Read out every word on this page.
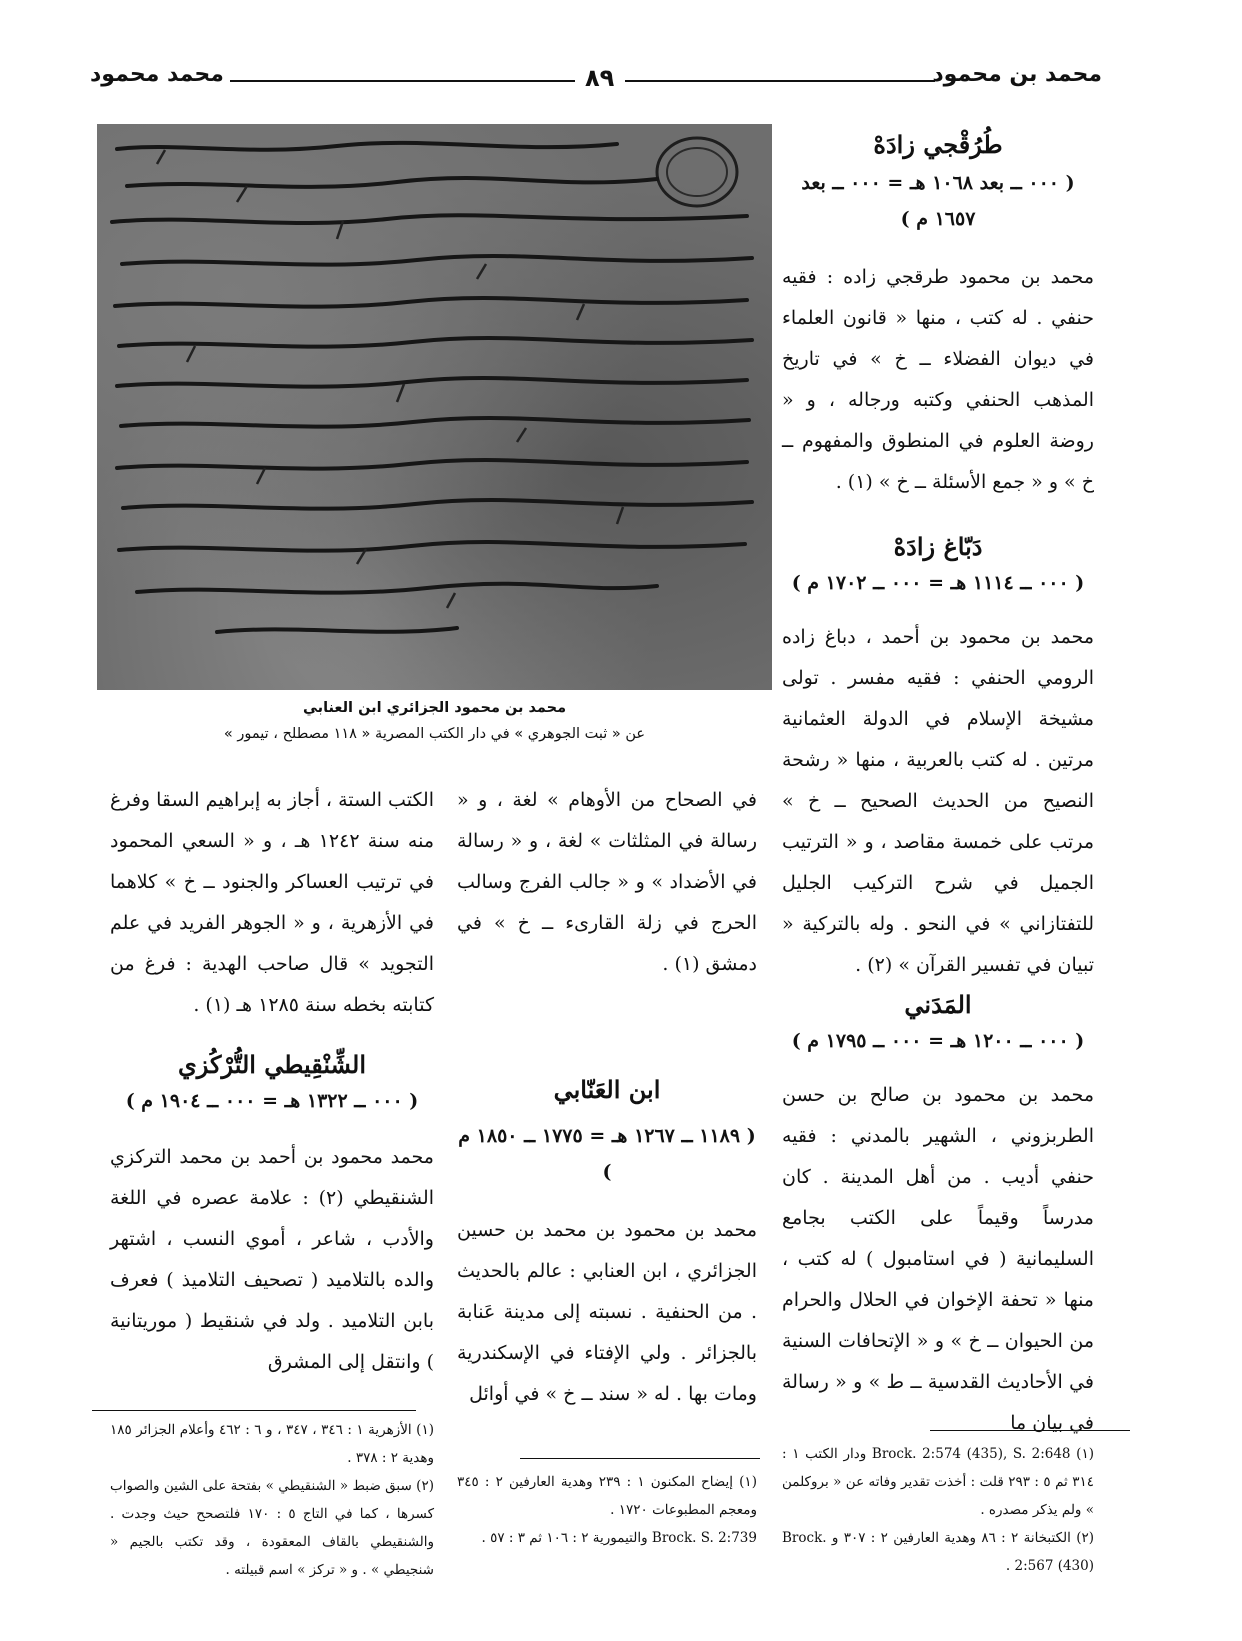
محمد بن محمود
٨٩
محمد محمود
محمد بن محمود الجزائري ابن العنابي
عن « ثبت الجوهري » في دار الكتب المصرية « ١١٨ مصطلح ، تيمور »
طُرُقْجي زادَهْ
( ٠٠٠ ــ بعد ١٠٦٨ هـ = ٠٠٠ ــ بعد
١٦٥٧ م )
محمد بن محمود طرقجي زاده : فقيه حنفي . له كتب ، منها « قانون العلماء في ديوان الفضلاء ــ خ » في تاريخ المذهب الحنفي وكتبه ورجاله ، و « روضة العلوم في المنطوق والمفهوم ــ خ » و « جمع الأسئلة ــ خ » (١) .
دَبّاغ زادَهْ
( ٠٠٠ ــ ١١١٤ هـ = ٠٠٠ ــ ١٧٠٢ م )
محمد بن محمود بن أحمد ، دباغ زاده الرومي الحنفي : فقيه مفسر . تولى مشيخة الإسلام في الدولة العثمانية مرتين . له كتب بالعربية ، منها « رشحة النصيح من الحديث الصحيح ــ خ » مرتب على خمسة مقاصد ، و « الترتيب الجميل في شرح التركيب الجليل للتفتازاني » في النحو . وله بالتركية « تبيان في تفسير القرآن » (٢) .
المَدَني
( ٠٠٠ ــ ١٢٠٠ هـ = ٠٠٠ ــ ١٧٩٥ م )
محمد بن محمود بن صالح بن حسن الطربزوني ، الشهير بالمدني : فقيه حنفي أديب . من أهل المدينة . كان مدرساً وقيماً على الكتب بجامع السليمانية ( في استامبول ) له كتب ، منها « تحفة الإخوان في الحلال والحرام من الحيوان ــ خ » و « الإتحافات السنية في الأحاديث القدسية ــ ط » و « رسالة في بيان ما
(١) Brock. 2:574 (435), S. 2:648 ودار الكتب ١ : ٣١٤ ثم ٥ : ٢٩٣ قلت : أخذت تقدير وفاته عن « بروكلمن » ولم يذكر مصدره .
(٢) الكتبخانة ٢ : ٨٦ وهدية العارفين ٢ : ٣٠٧ و Brock. 2:567 (430) .
في الصحاح من الأوهام » لغة ، و « رسالة في المثلثات » لغة ، و « رسالة في الأضداد » و « جالب الفرج وسالب الحرج في زلة القارىء ــ خ » في دمشق (١) .
ابن العَنّابي
( ١١٨٩ ــ ١٢٦٧ هـ = ١٧٧٥ ــ ١٨٥٠ م )
محمد بن محمود بن محمد بن حسين الجزائري ، ابن العنابي : عالم بالحديث . من الحنفية . نسبته إلى مدينة عَنابة بالجزائر . ولي الإفتاء في الإسكندرية ومات بها . له « سند ــ خ » في أوائل
(١) إيضاح المكنون ١ : ٢٣٩ وهدية العارفين ٢ : ٣٤٥ ومعجم المطبوعات ١٧٢٠ .
Brock. S. 2:739 والتيمورية ٢ : ١٠٦ ثم ٣ : ٥٧ .
الكتب الستة ، أجاز به إبراهيم السقا وفرغ منه سنة ١٢٤٢ هـ ، و « السعي المحمود في ترتيب العساكر والجنود ــ خ » كلاهما في الأزهرية ، و « الجوهر الفريد في علم التجويد » قال صاحب الهدية : فرغ من كتابته بخطه سنة ١٢٨٥ هـ (١) .
الشِّنْقِيطي التُّرْكُزي
( ٠٠٠ ــ ١٣٢٢ هـ = ٠٠٠ ــ ١٩٠٤ م )
محمد محمود بن أحمد بن محمد التركزي الشنقيطي (٢) : علامة عصره في اللغة والأدب ، شاعر ، أموي النسب ، اشتهر والده بالتلاميد ( تصحيف التلاميذ ) فعرف بابن التلاميد . ولد في شنقيط ( موريتانية ) وانتقل إلى المشرق
(١) الأزهرية ١ : ٣٤٦ ، ٣٤٧ ، و ٦ : ٤٦٢ وأعلام الجزائر ١٨٥ وهدية ٢ : ٣٧٨ .
(٢) سبق ضبط « الشنقيطي » بفتحة على الشين والصواب كسرها ، كما في التاج ٥ : ١٧٠ فلتصحح حيث وجدت . والشنقيطي بالقاف المعقودة ، وقد تكتب بالجيم « شنجيطي » . و « تركز » اسم قبيلته .
